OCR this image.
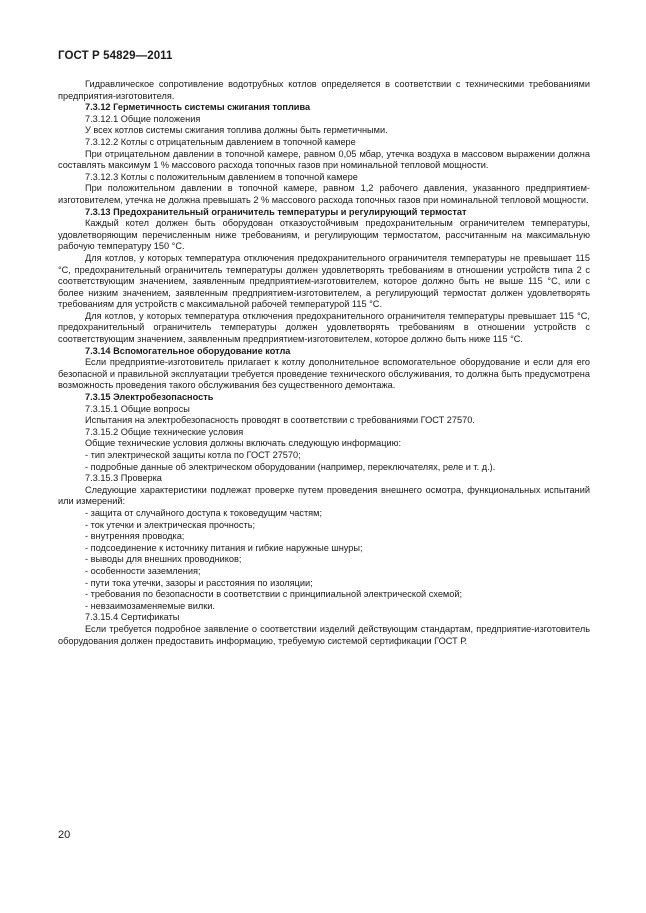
ГОСТ Р 54829—2011

Гидравлическое сопротивление водотрубных котлов определяется в соответствии с техническими требованиями предприятия-изготовителя.

7.3.12 Герметичность системы сжигания топлива

7.3.12.1 Общие положения

У всех котлов системы сжигания топлива должны быть герметичными.

7.3.12.2 Котлы с отрицательным давлением в топочной камере

При отрицательном давлении в топочной камере, равном 0,05 мбар, утечка воздуха в массовом выражении должна составлять максимум 1 % массового расхода топочных газов при номинальной тепловой мощности.

7.3.12.3 Котлы с положительным давлением в топочной камере

При положительном давлении в топочной камере, равном 1,2 рабочего давления, указанного предприятием-изготовителем, утечка не должна превышать 2 % массового расхода топочных газов при номинальной тепловой мощности.

7.3.13 Предохранительный ограничитель температуры и регулирующий термостат

Каждый котел должен быть оборудован отказоустойчивым предохранительным ограничителем температуры, удовлетворяющим перечисленным ниже требованиям, и регулирующим термостатом, рассчитанным на максимальную рабочую температуру 150 °С.

Для котлов, у которых температура отключения предохранительного ограничителя температуры не превышает 115 °С, предохранительный ограничитель температуры должен удовлетворять требованиям в отношении устройств типа 2 с соответствующим значением, заявленным предприятием-изготовителем, которое должно быть не выше 115 °С, или с более низким значением, заявленным предприятием-изготовителем, а регулирующий термостат должен удовлетворять требованиям для устройств с максимальной рабочей температурой 115 °С.

Для котлов, у которых температура отключения предохранительного ограничителя температуры превышает 115 °С, предохранительный ограничитель температуры должен удовлетворять требованиям в отношении устройств с соответствующим значением, заявленным предприятием-изготовителем, которое должно быть ниже 115 °С.

7.3.14 Вспомогательное оборудование котла

Если предприятие-изготовитель прилагает к котлу дополнительное вспомогательное оборудование и если для его безопасной и правильной эксплуатации требуется проведение технического обслуживания, то должна быть предусмотрена возможность проведения такого обслуживания без существенного демонтажа.

7.3.15 Электробезопасность

7.3.15.1 Общие вопросы

Испытания на электробезопасность проводят в соответствии с требованиями ГОСТ 27570.

7.3.15.2 Общие технические условия

Общие технические условия должны включать следующую информацию:

- тип электрической защиты котла по ГОСТ 27570;

- подробные данные об электрическом оборудовании (например, переключателях, реле и т. д.).

7.3.15.3 Проверка

Следующие характеристики подлежат проверке путем проведения внешнего осмотра, функциональных испытаний или измерений:

- защита от случайного доступа к токоведущим частям;

- ток утечки и электрическая прочность;

- внутренняя проводка;

- подсоединение к источнику питания и гибкие наружные шнуры;

- выводы для внешних проводников;

- особенности заземления;

- пути тока утечки, зазоры и расстояния по изоляции;

- требования по безопасности в соответствии с принципиальной электрической схемой;

- невзаимозаменяемые вилки.

7.3.15.4 Сертификаты

Если требуется подробное заявление о соответствии изделий действующим стандартам, предприятие-изготовитель оборудования должен предоставить информацию, требуемую системой сертификации ГОСТ Р.

20
